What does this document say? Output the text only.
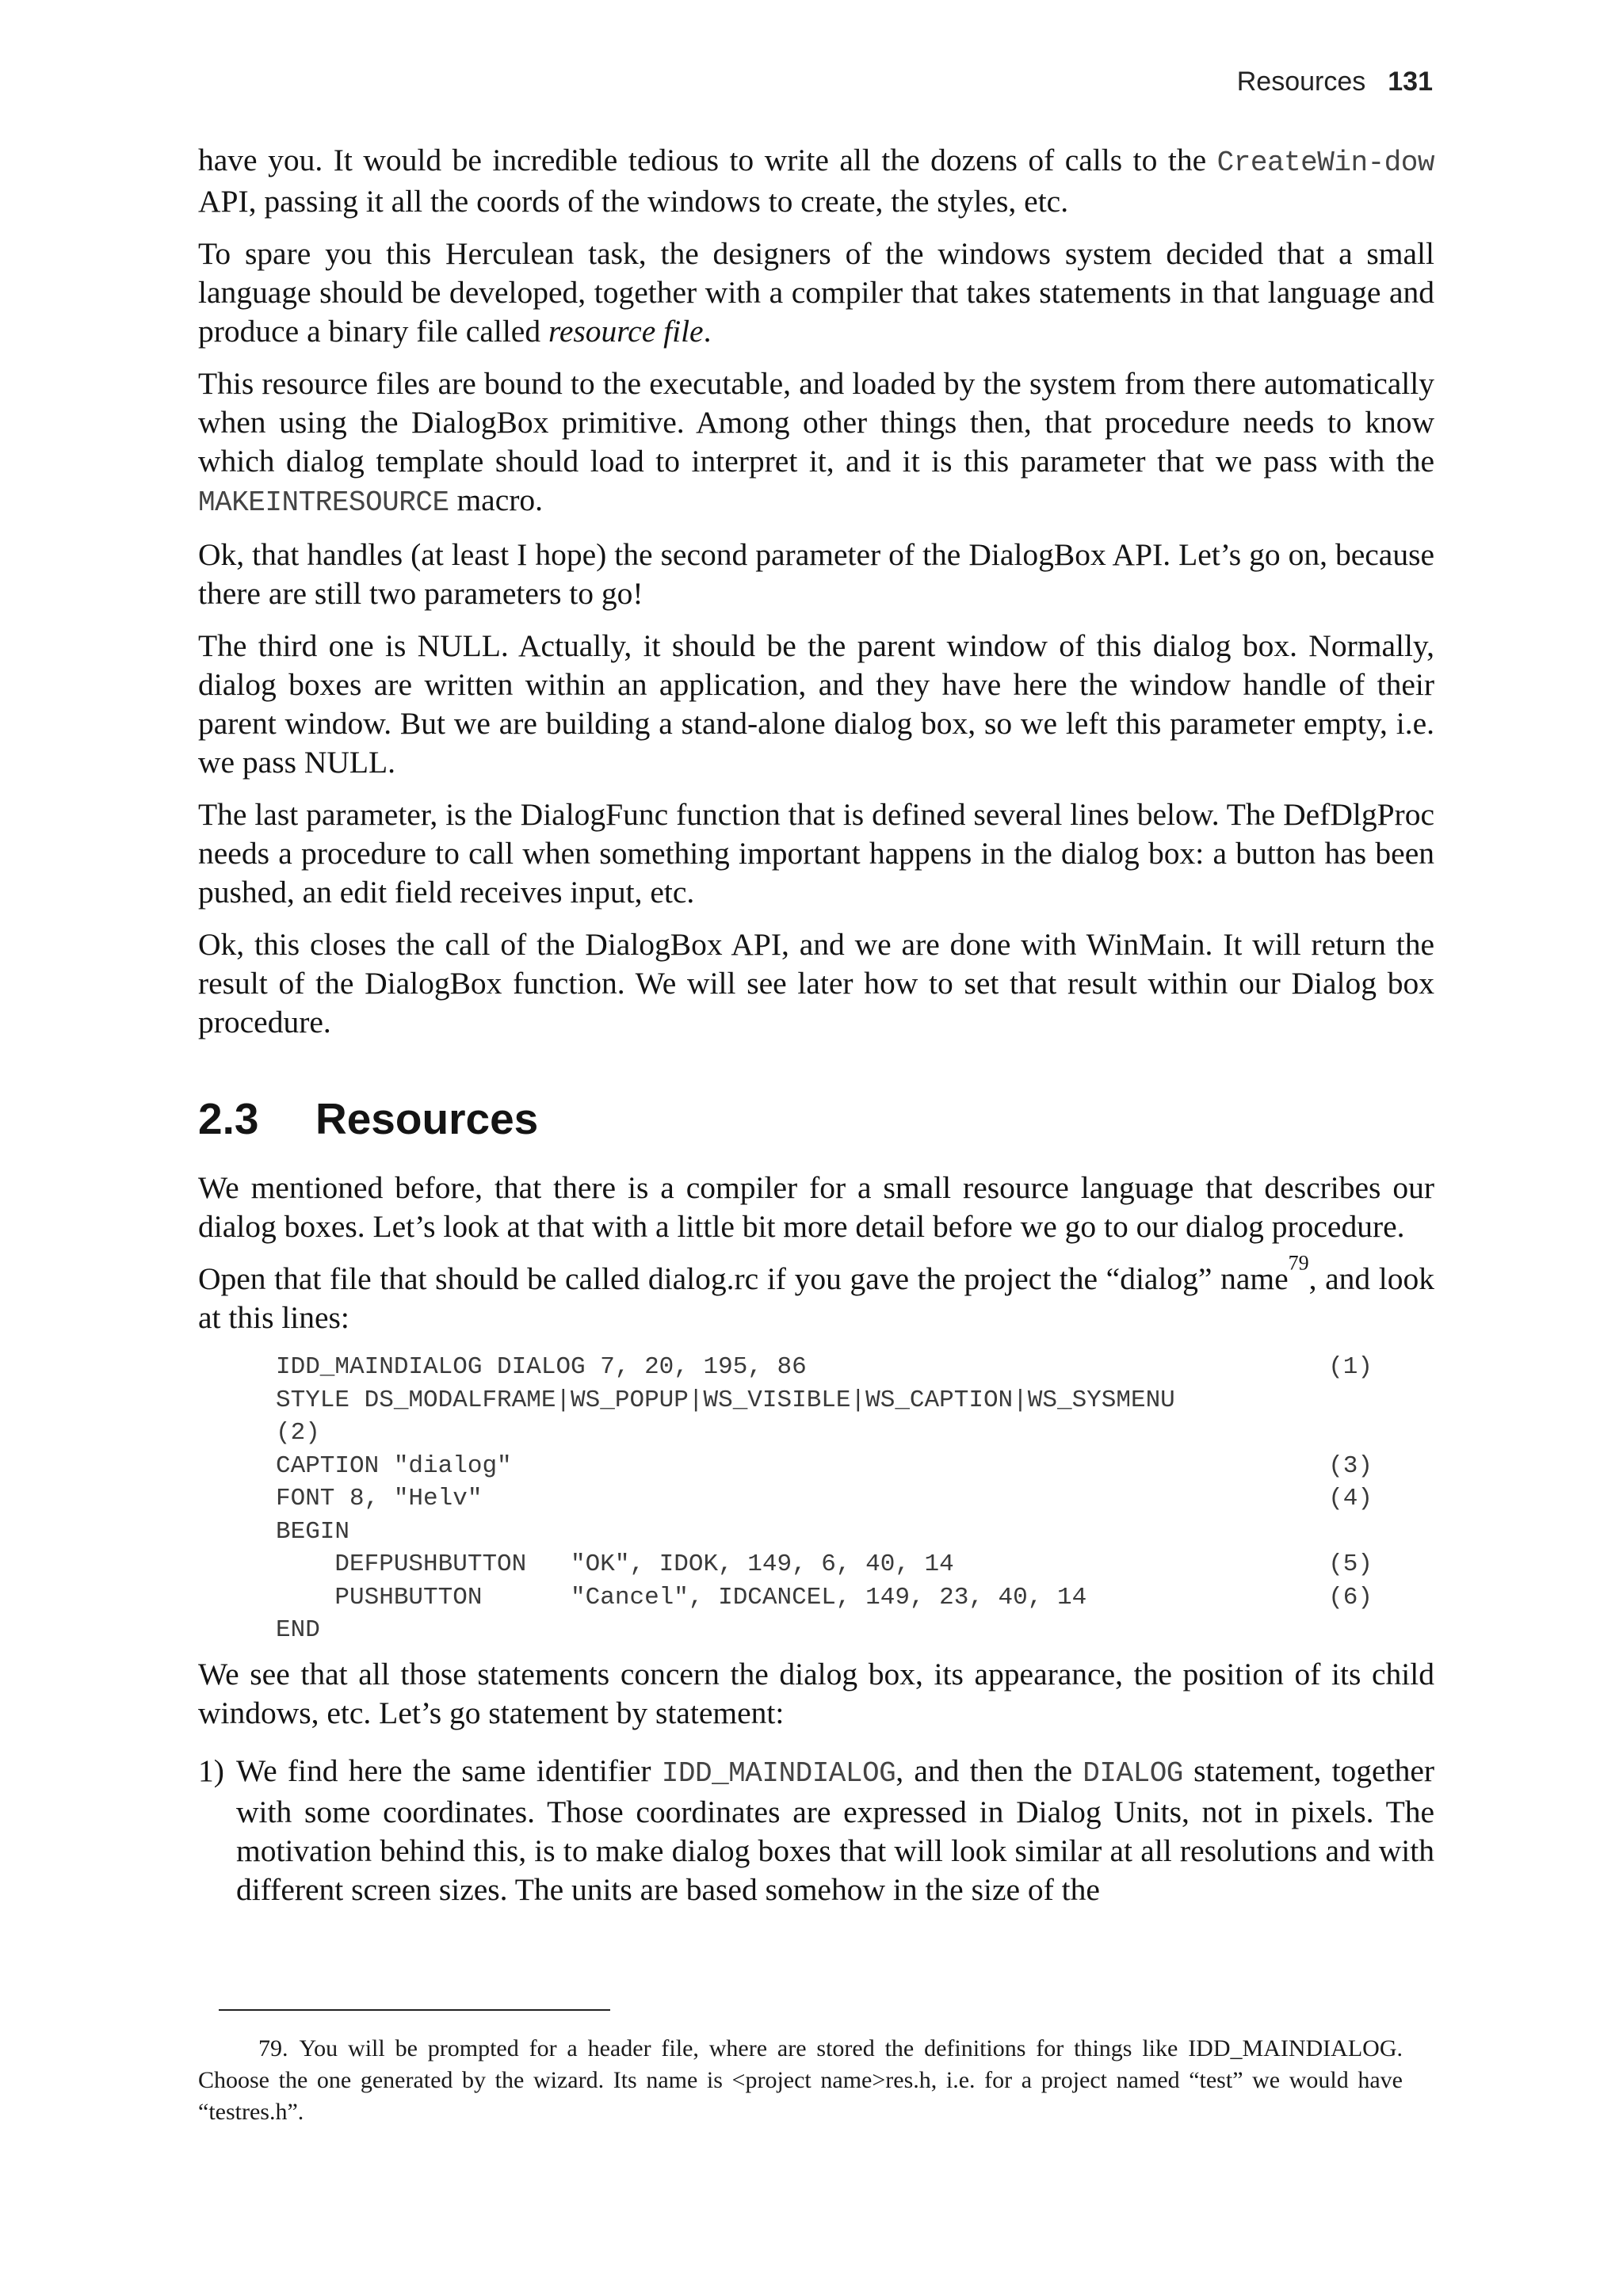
Resources 131

have you. It would be incredible tedious to write all the dozens of calls to the CreateWin-dow API, passing it all the coords of the windows to create, the styles, etc.

To spare you this Herculean task, the designers of the windows system decided that a small language should be developed, together with a compiler that takes statements in that language and produce a binary file called resource file.

This resource files are bound to the executable, and loaded by the system from there automatically when using the DialogBox primitive. Among other things then, that procedure needs to know which dialog template should load to interpret it, and it is this parameter that we pass with the MAKEINTRESOURCE macro.

Ok, that handles (at least I hope) the second parameter of the DialogBox API. Let’s go on, because there are still two parameters to go!

The third one is NULL. Actually, it should be the parent window of this dialog box. Normally, dialog boxes are written within an application, and they have here the window handle of their parent window. But we are building a stand-alone dialog box, so we left this parameter empty, i.e. we pass NULL.

The last parameter, is the DialogFunc function that is defined several lines below. The DefDlgProc needs a procedure to call when something important happens in the dialog box: a button has been pushed, an edit field receives input, etc.

Ok, this closes the call of the DialogBox API, and we are done with WinMain. It will return the result of the DialogBox function. We will see later how to set that result within our Dialog box procedure.

2.3 Resources

We mentioned before, that there is a compiler for a small resource language that describes our dialog boxes. Let’s look at that with a little bit more detail before we go to our dialog procedure.

Open that file that should be called dialog.rc if you gave the project the “dialog” name$^{79}$, and look at this lines:

IDD_MAINDIALOG DIALOG 7, 20, 195, 86	(1)
STYLE DS_MODALFRAME|WS_POPUP|WS_VISIBLE|WS_CAPTION|WS_SYSMENU
(2)
CAPTION "dialog"	(3)
FONT 8, "Helv"	(4)
BEGIN
DEFPUSHBUTTON   "OK", IDOK, 149, 6, 40, 14	(5)
PUSHBUTTON      "Cancel", IDCANCEL, 149, 23, 40, 14	(6)
END

We see that all those statements concern the dialog box, its appearance, the position of its child windows, etc. Let’s go statement by statement:

1) We find here the same identifier IDD_MAINDIALOG, and then the DIALOG statement, together with some coordinates. Those coordinates are expressed in Dialog Units, not in pixels. The motivation behind this, is to make dialog boxes that will look similar at all resolutions and with different screen sizes. The units are based somehow in the size of the
79. You will be prompted for a header file, where are stored the definitions for things like IDD_MAINDIALOG. Choose the one generated by the wizard. Its name is <project name>res.h, i.e. for a project named “test” we would have “testres.h”.
